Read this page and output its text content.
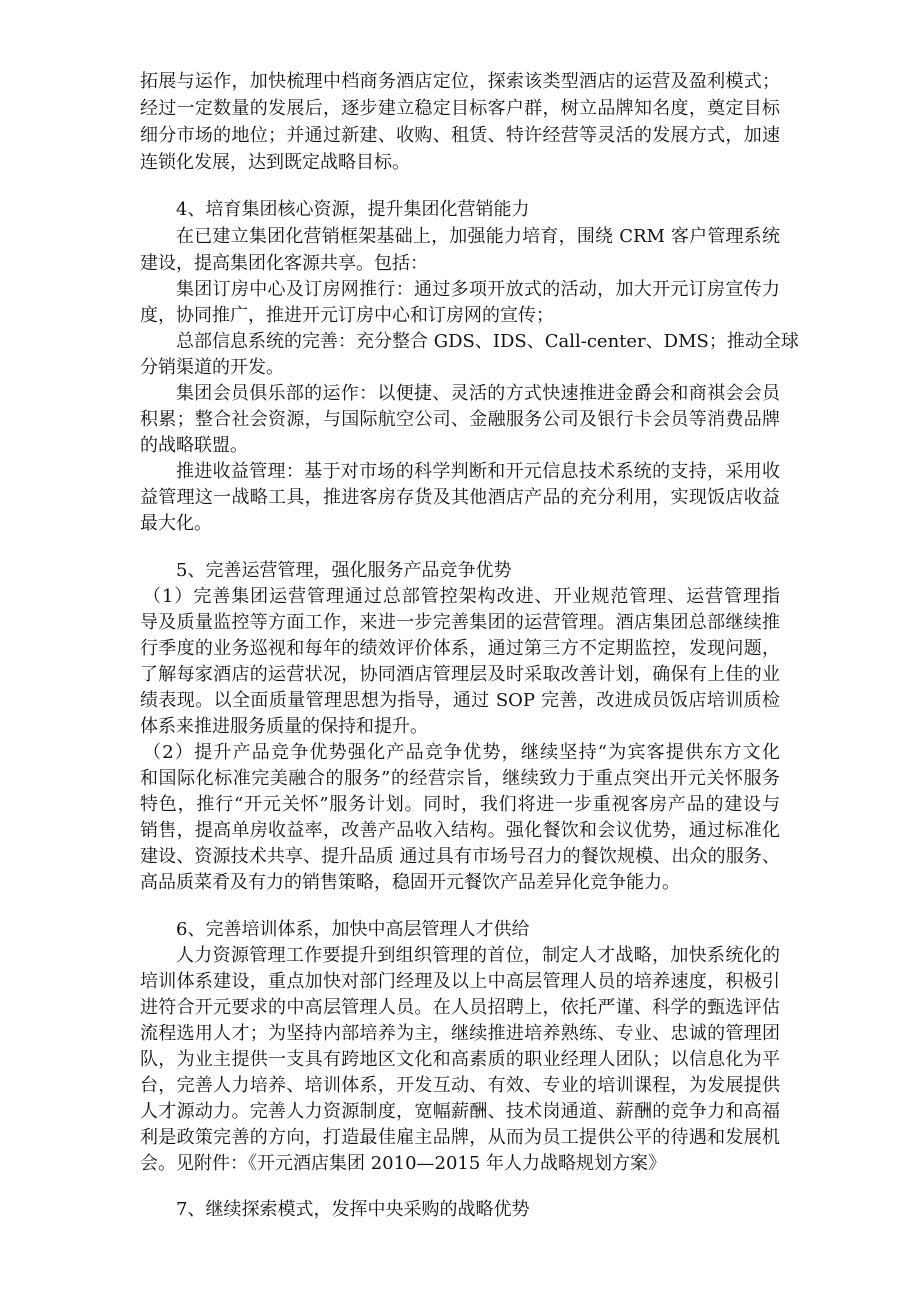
拓展与运作，加快梳理中档商务酒店定位，探索该类型酒店的运营及盈利模式；
经过一定数量的发展后，逐步建立稳定目标客户群，树立品牌知名度，奠定目标
细分市场的地位；并通过新建、收购、租赁、特许经营等灵活的发展方式，加速
连锁化发展，达到既定战略目标。
4、培育集团核心资源，提升集团化营销能力
在已建立集团化营销框架基础上，加强能力培育，围绕 CRM 客户管理系统
建设，提高集团化客源共享。包括：
集团订房中心及订房网推行：通过多项开放式的活动，加大开元订房宣传力
度，协同推广，推进开元订房中心和订房网的宣传；
总部信息系统的完善：充分整合 GDS、IDS、Call-center、DMS；推动全球
分销渠道的开发。
集团会员俱乐部的运作：以便捷、灵活的方式快速推进金爵会和商祺会会员
积累；整合社会资源，与国际航空公司、金融服务公司及银行卡会员等消费品牌
的战略联盟。
推进收益管理：基于对市场的科学判断和开元信息技术系统的支持，采用收
益管理这一战略工具，推进客房存货及其他酒店产品的充分利用，实现饭店收益
最大化。
5、完善运营管理，强化服务产品竞争优势
（1）完善集团运营管理通过总部管控架构改进、开业规范管理、运营管理指
导及质量监控等方面工作，来进一步完善集团的运营管理。酒店集团总部继续推
行季度的业务巡视和每年的绩效评价体系，通过第三方不定期监控，发现问题，
了解每家酒店的运营状况，协同酒店管理层及时采取改善计划，确保有上佳的业
绩表现。以全面质量管理思想为指导，通过 SOP 完善，改进成员饭店培训质检
体系来推进服务质量的保持和提升。
（2）提升产品竞争优势强化产品竞争优势，继续坚持“为宾客提供东方文化
和国际化标准完美融合的服务”的经营宗旨，继续致力于重点突出开元关怀服务
特色，推行“开元关怀”服务计划。同时，我们将进一步重视客房产品的建设与
销售，提高单房收益率，改善产品收入结构。强化餐饮和会议优势，通过标准化
建设、资源技术共享、提升品质 通过具有市场号召力的餐饮规模、出众的服务、
高品质菜肴及有力的销售策略，稳固开元餐饮产品差异化竞争能力。
6、完善培训体系，加快中高层管理人才供给
人力资源管理工作要提升到组织管理的首位，制定人才战略，加快系统化的
培训体系建设，重点加快对部门经理及以上中高层管理人员的培养速度，积极引
进符合开元要求的中高层管理人员。在人员招聘上，依托严谨、科学的甄选评估
流程选用人才；为坚持内部培养为主，继续推进培养熟练、专业、忠诚的管理团
队，为业主提供一支具有跨地区文化和高素质的职业经理人团队；以信息化为平
台，完善人力培养、培训体系，开发互动、有效、专业的培训课程，为发展提供
人才源动力。完善人力资源制度，宽幅薪酬、技术岗通道、薪酬的竞争力和高福
利是政策完善的方向，打造最佳雇主品牌，从而为员工提供公平的待遇和发展机
会。见附件：《开元酒店集团 2010—2015 年人力战略规划方案》
7、继续探索模式，发挥中央采购的战略优势
